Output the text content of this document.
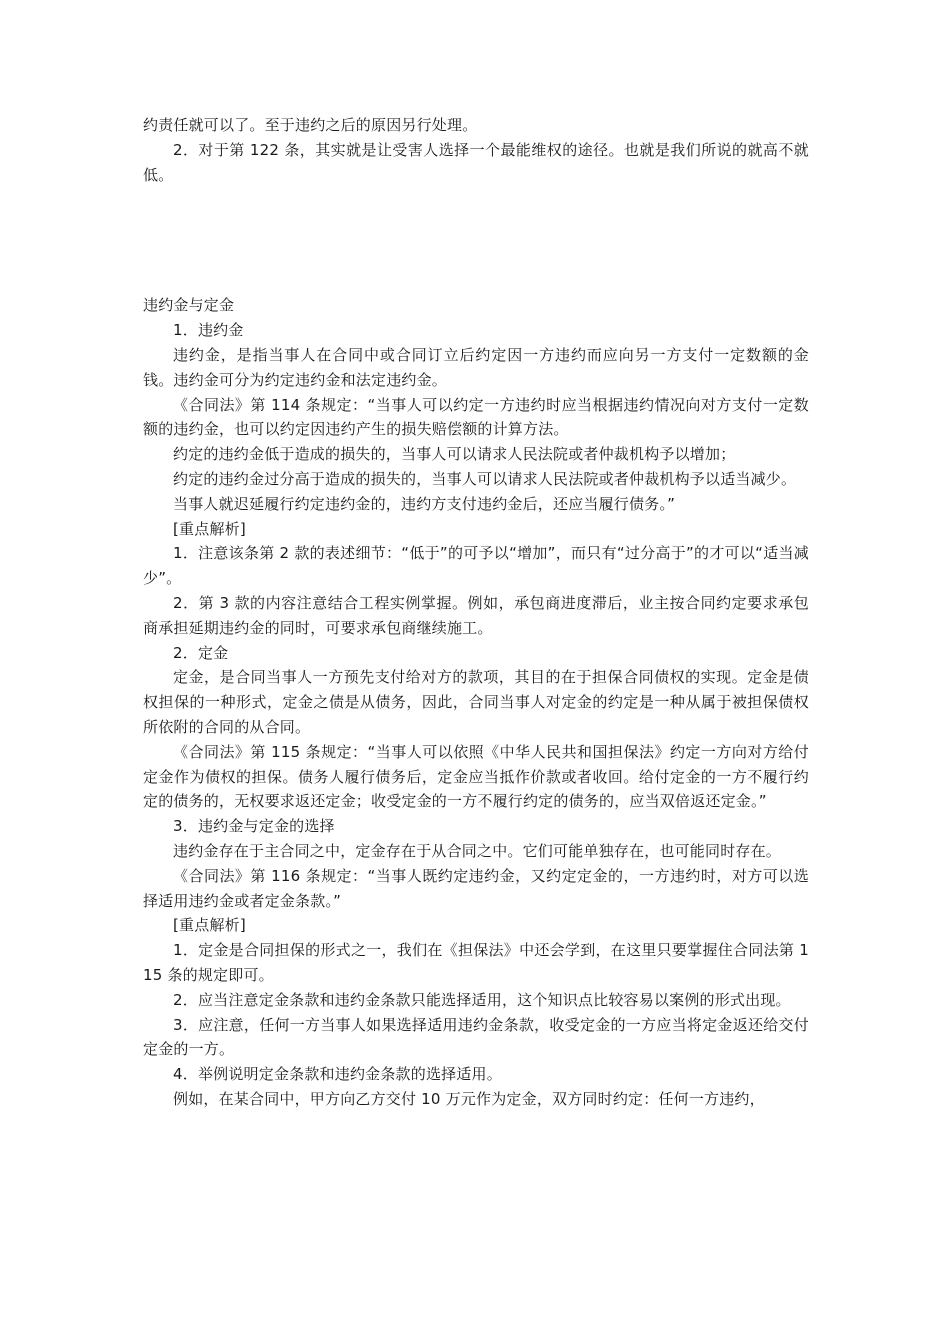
约责任就可以了。至于违约之后的原因另行处理。

2．对于第 122 条，其实就是让受害人选择一个最能维权的途径。也就是我们所说的就高不就低。

违约金与定金

1．违约金

违约金，是指当事人在合同中或合同订立后约定因一方违约而应向另一方支付一定数额的金钱。违约金可分为约定违约金和法定违约金。

《合同法》第 114 条规定：“当事人可以约定一方违约时应当根据违约情况向对方支付一定数额的违约金，也可以约定因违约产生的损失赔偿额的计算方法。

约定的违约金低于造成的损失的，当事人可以请求人民法院或者仲裁机构予以增加；

约定的违约金过分高于造成的损失的，当事人可以请求人民法院或者仲裁机构予以适当减少。

当事人就迟延履行约定违约金的，违约方支付违约金后，还应当履行债务。”

[重点解析]

1．注意该条第 2 款的表述细节：“低于”的可予以“增加”，而只有“过分高于”的才可以“适当减少”。

2．第 3 款的内容注意结合工程实例掌握。例如，承包商进度滞后，业主按合同约定要求承包商承担延期违约金的同时，可要求承包商继续施工。

2．定金

定金，是合同当事人一方预先支付给对方的款项，其目的在于担保合同债权的实现。定金是债权担保的一种形式，定金之债是从债务，因此，合同当事人对定金的约定是一种从属于被担保债权所依附的合同的从合同。

《合同法》第 115 条规定：“当事人可以依照《中华人民共和国担保法》约定一方向对方给付定金作为债权的担保。债务人履行债务后，定金应当抵作价款或者收回。给付定金的一方不履行约定的债务的，无权要求返还定金；收受定金的一方不履行约定的债务的，应当双倍返还定金。”

3．违约金与定金的选择

违约金存在于主合同之中，定金存在于从合同之中。它们可能单独存在，也可能同时存在。

《合同法》第 116 条规定：“当事人既约定违约金，又约定定金的，一方违约时，对方可以选择适用违约金或者定金条款。”

[重点解析]

1．定金是合同担保的形式之一，我们在《担保法》中还会学到，在这里只要掌握住合同法第 115 条的规定即可。

2．应当注意定金条款和违约金条款只能选择适用，这个知识点比较容易以案例的形式出现。

3．应注意，任何一方当事人如果选择适用违约金条款，收受定金的一方应当将定金返还给交付定金的一方。

4．举例说明定金条款和违约金条款的选择适用。

例如，在某合同中，甲方向乙方交付 10 万元作为定金，双方同时约定：任何一方违约，
